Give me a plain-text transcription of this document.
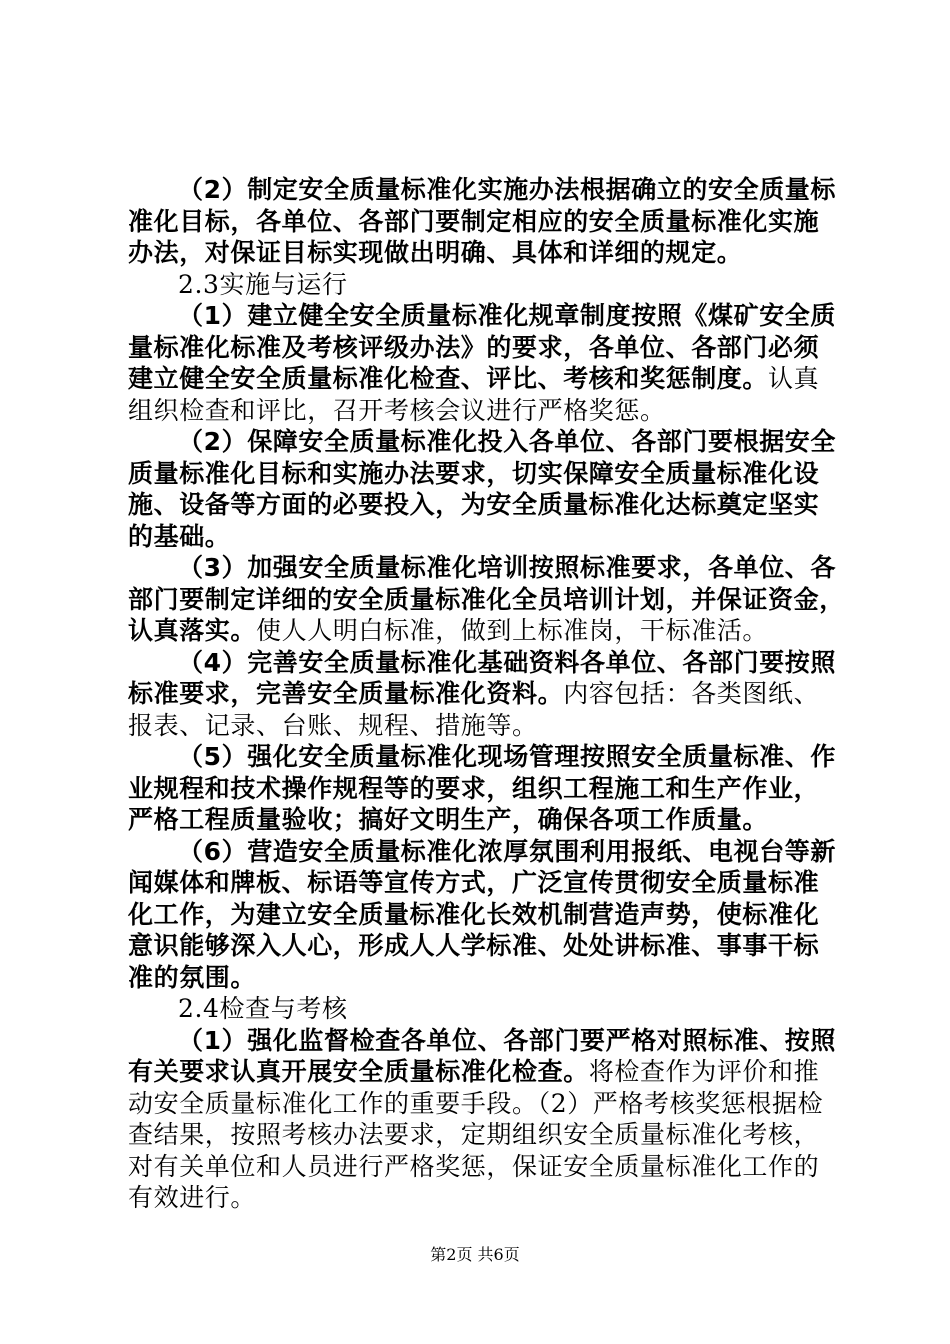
（2）制定安全质量标准化实施办法根据确立的安全质量标
准化目标，各单位、各部门要制定相应的安全质量标准化实施
办法，对保证目标实现做出明确、具体和详细的规定。
2.3实施与运行
（1）建立健全安全质量标准化规章制度按照《煤矿安全质
量标准化标准及考核评级办法》的要求，各单位、各部门必须
建立健全安全质量标准化检查、评比、考核和奖惩制度。认真
组织检查和评比，召开考核会议进行严格奖惩。
（2）保障安全质量标准化投入各单位、各部门要根据安全
质量标准化目标和实施办法要求，切实保障安全质量标准化设
施、设备等方面的必要投入，为安全质量标准化达标奠定坚实
的基础。
（3）加强安全质量标准化培训按照标准要求，各单位、各
部门要制定详细的安全质量标准化全员培训计划，并保证资金，
认真落实。使人人明白标准，做到上标准岗，干标准活。
（4）完善安全质量标准化基础资料各单位、各部门要按照
标准要求，完善安全质量标准化资料。内容包括：各类图纸、
报表、记录、台账、规程、措施等。
（5）强化安全质量标准化现场管理按照安全质量标准、作
业规程和技术操作规程等的要求，组织工程施工和生产作业，
严格工程质量验收；搞好文明生产，确保各项工作质量。
（6）营造安全质量标准化浓厚氛围利用报纸、电视台等新
闻媒体和牌板、标语等宣传方式，广泛宣传贯彻安全质量标准
化工作，为建立安全质量标准化长效机制营造声势，使标准化
意识能够深入人心，形成人人学标准、处处讲标准、事事干标
准的氛围。
2.4检查与考核
（1）强化监督检查各单位、各部门要严格对照标准、按照
有关要求认真开展安全质量标准化检查。将检查作为评价和推
动安全质量标准化工作的重要手段。（2）严格考核奖惩根据检
查结果，按照考核办法要求，定期组织安全质量标准化考核，
对有关单位和人员进行严格奖惩，保证安全质量标准化工作的
有效进行。
第2页 共6页
